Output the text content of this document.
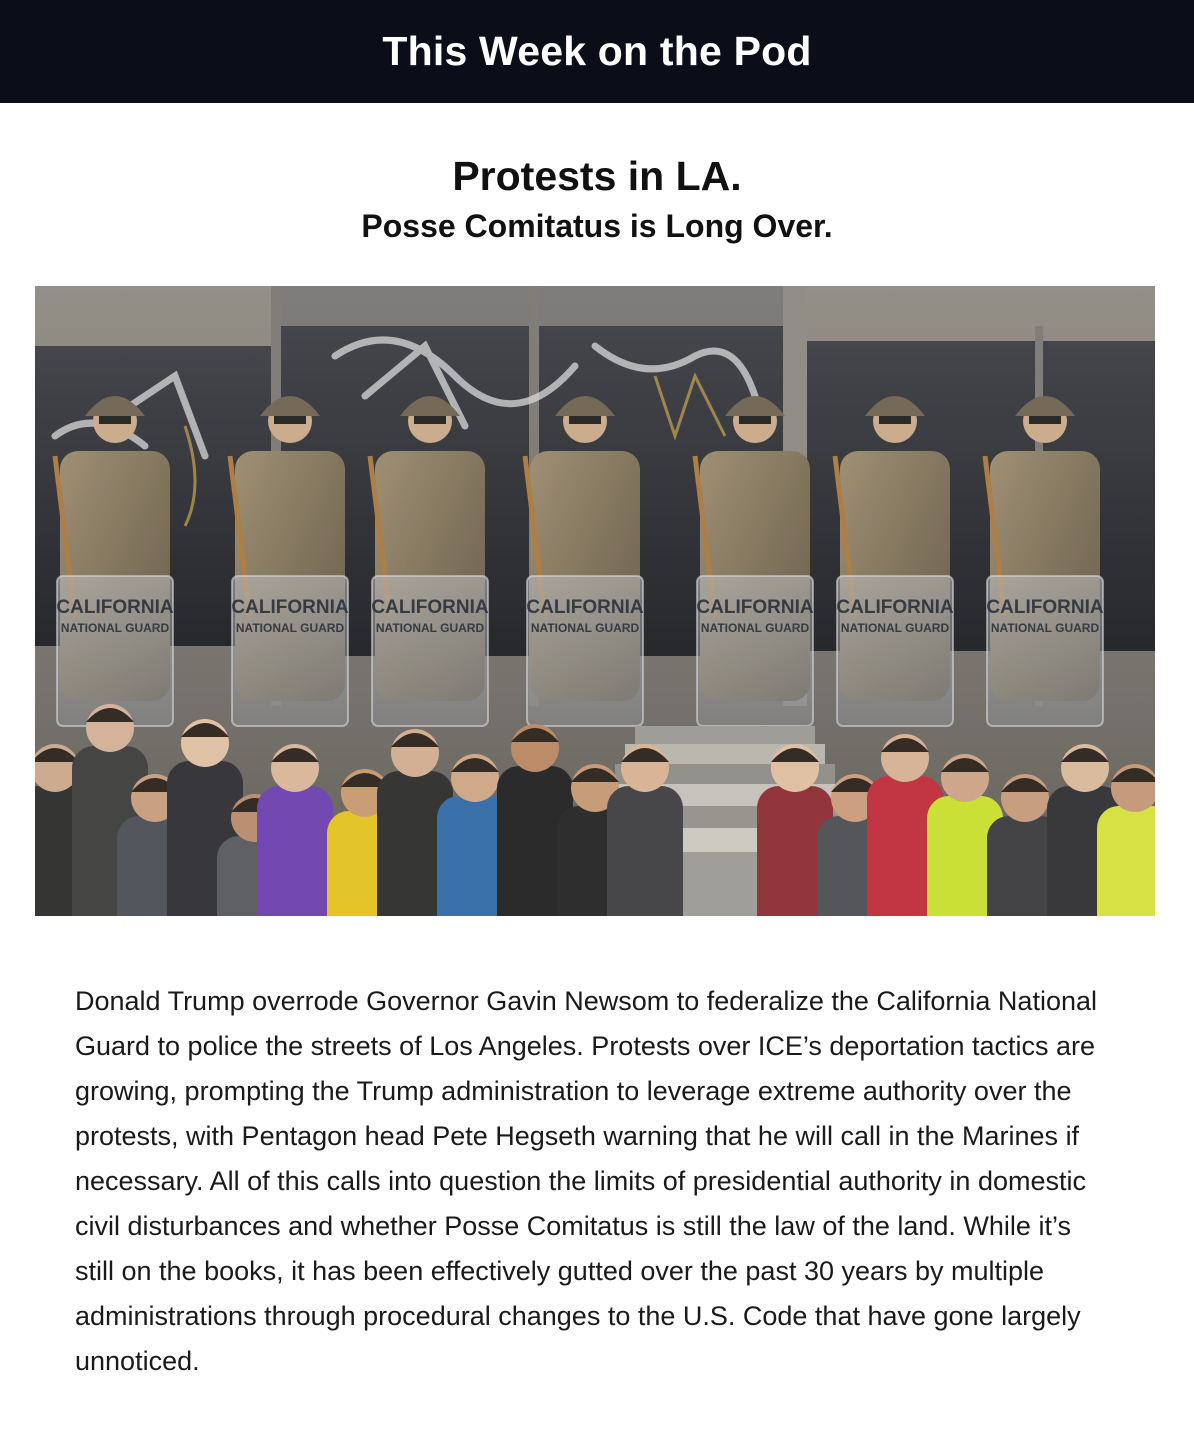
This Week on the Pod
Protests in LA.
Posse Comitatus is Long Over.
CALIFORNIA
NATIONAL GUARD
CALIFORNIA
NATIONAL GUARD
CALIFORNIA
NATIONAL GUARD
CALIFORNIA
NATIONAL GUARD
CALIFORNIA
NATIONAL GUARD
CALIFORNIA
NATIONAL GUARD
CALIFORNIA
NATIONAL GUARD

Donald Trump overrode Governor Gavin Newsom to federalize the California National Guard to police the streets of Los Angeles. Protests over ICE’s deportation tactics are growing, prompting the Trump administration to leverage extreme authority over the protests, with Pentagon head Pete Hegseth warning that he will call in the Marines if necessary. All of this calls into question the limits of presidential authority in domestic civil disturbances and whether Posse Comitatus is still the law of the land. While it’s still on the books, it has been effectively gutted over the past 30 years by multiple administrations through procedural changes to the U.S. Code that have gone largely unnoticed.
